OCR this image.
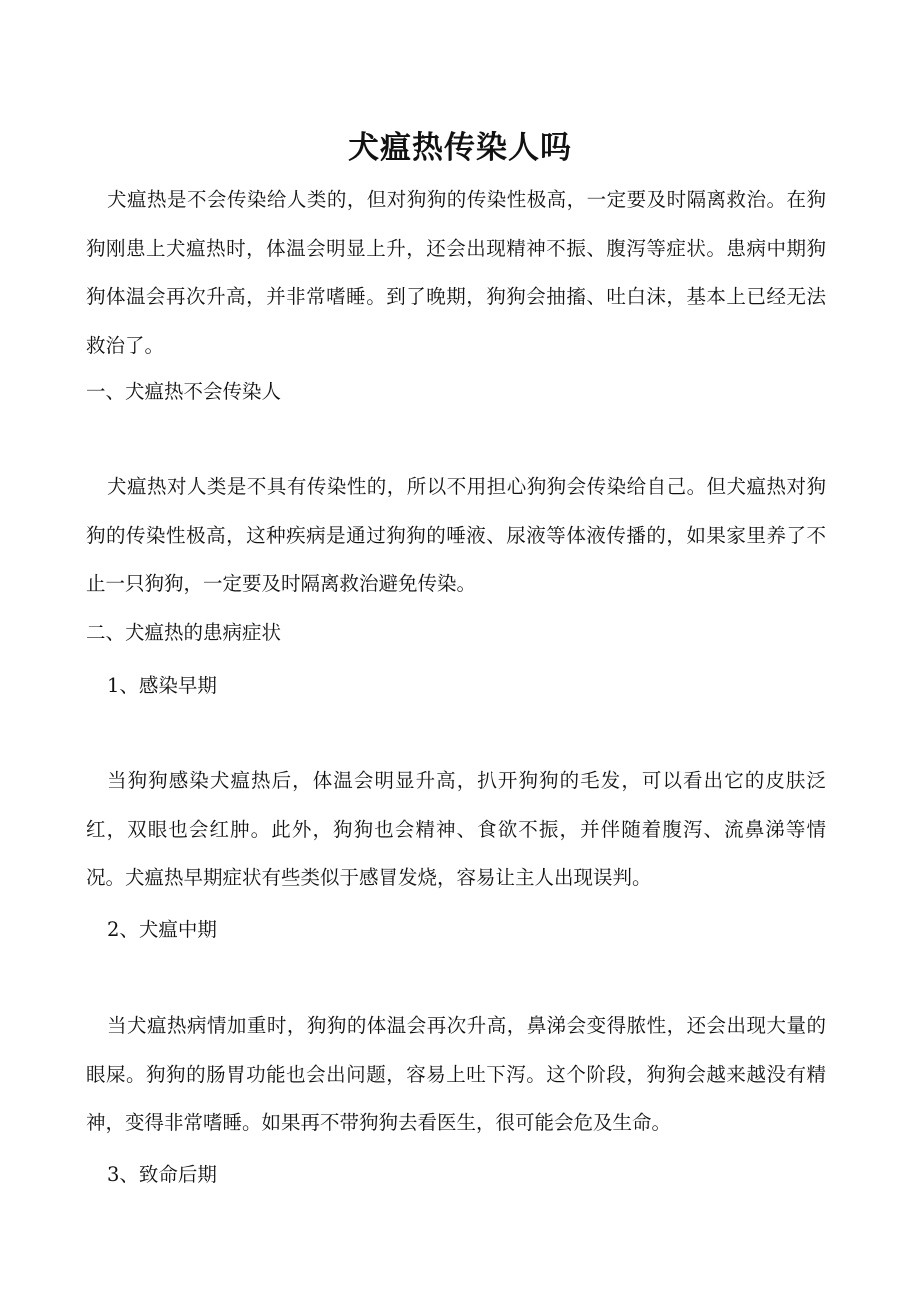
犬瘟热传染人吗
犬瘟热是不会传染给人类的，但对狗狗的传染性极高，一定要及时隔离救治。在狗狗刚患上犬瘟热时，体温会明显上升，还会出现精神不振、腹泻等症状。患病中期狗狗体温会再次升高，并非常嗜睡。到了晚期，狗狗会抽搐、吐白沫，基本上已经无法救治了。
一、犬瘟热不会传染人
犬瘟热对人类是不具有传染性的，所以不用担心狗狗会传染给自己。但犬瘟热对狗狗的传染性极高，这种疾病是通过狗狗的唾液、尿液等体液传播的，如果家里养了不止一只狗狗，一定要及时隔离救治避免传染。
二、犬瘟热的患病症状
1、感染早期
当狗狗感染犬瘟热后，体温会明显升高，扒开狗狗的毛发，可以看出它的皮肤泛红，双眼也会红肿。此外，狗狗也会精神、食欲不振，并伴随着腹泻、流鼻涕等情况。犬瘟热早期症状有些类似于感冒发烧，容易让主人出现误判。
2、犬瘟中期
当犬瘟热病情加重时，狗狗的体温会再次升高，鼻涕会变得脓性，还会出现大量的眼屎。狗狗的肠胃功能也会出问题，容易上吐下泻。这个阶段，狗狗会越来越没有精神，变得非常嗜睡。如果再不带狗狗去看医生，很可能会危及生命。
3、致命后期
